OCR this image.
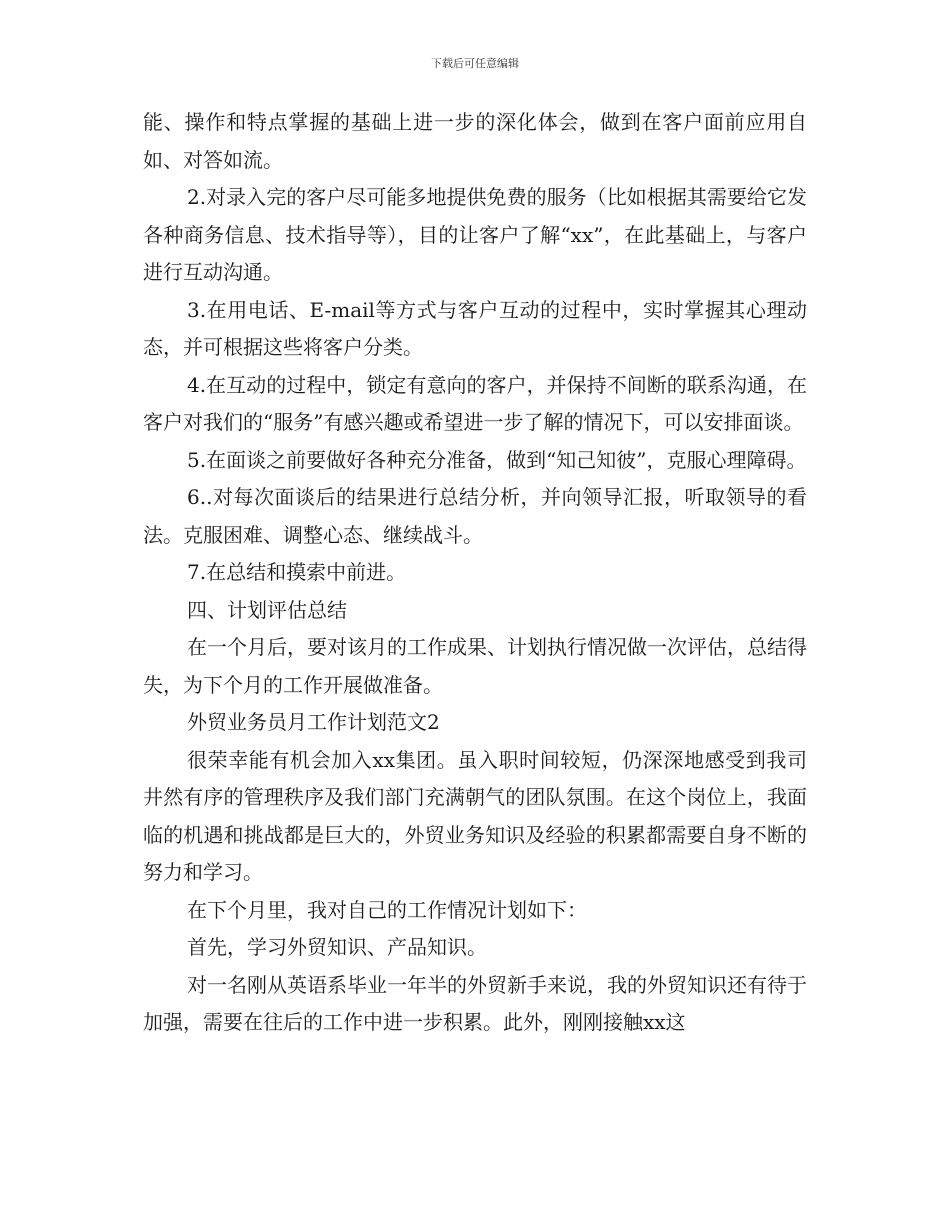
下载后可任意编辑

能、操作和特点掌握的基础上进一步的深化体会，做到在客户面前应用自如、对答如流。

2.对录入完的客户尽可能多地提供免费的服务（比如根据其需要给它发各种商务信息、技术指导等），目的让客户了解“xx”，在此基础上，与客户进行互动沟通。

3.在用电话、E-mail等方式与客户互动的过程中，实时掌握其心理动态，并可根据这些将客户分类。

4.在互动的过程中，锁定有意向的客户，并保持不间断的联系沟通，在客户对我们的“服务”有感兴趣或希望进一步了解的情况下，可以安排面谈。

5.在面谈之前要做好各种充分准备，做到“知己知彼”，克服心理障碍。

6..对每次面谈后的结果进行总结分析，并向领导汇报，听取领导的看法。克服困难、调整心态、继续战斗。

7.在总结和摸索中前进。

四、计划评估总结

在一个月后，要对该月的工作成果、计划执行情况做一次评估，总结得失，为下个月的工作开展做准备。

外贸业务员月工作计划范文2

很荣幸能有机会加入xx集团。虽入职时间较短，仍深深地感受到我司井然有序的管理秩序及我们部门充满朝气的团队氛围。在这个岗位上，我面临的机遇和挑战都是巨大的，外贸业务知识及经验的积累都需要自身不断的努力和学习。

在下个月里，我对自己的工作情况计划如下：

首先，学习外贸知识、产品知识。

对一名刚从英语系毕业一年半的外贸新手来说，我的外贸知识还有待于加强，需要在往后的工作中进一步积累。此外，刚刚接触xx这
